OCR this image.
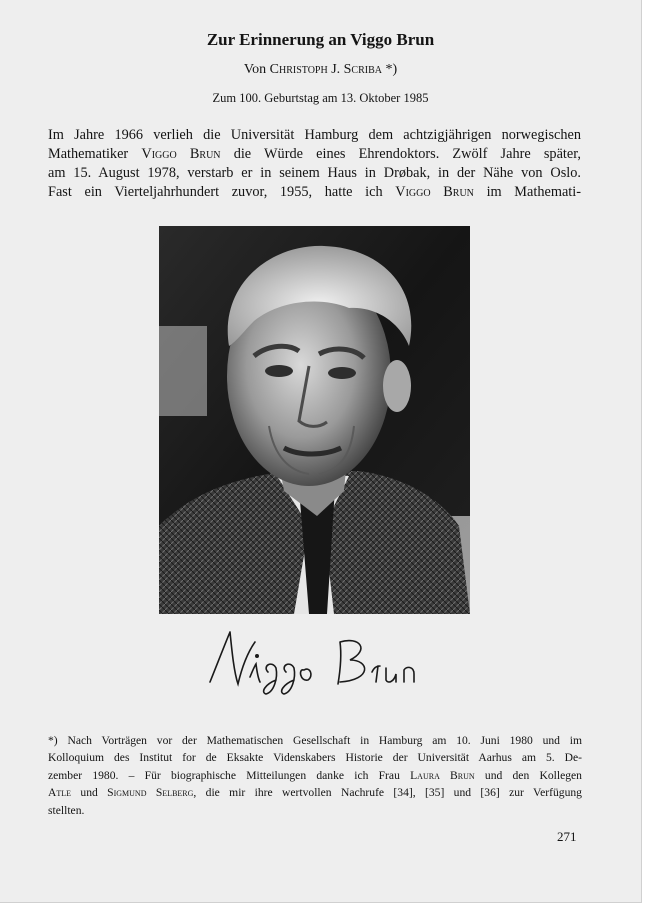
Zur Erinnerung an Viggo Brun
Von Christoph J. Scriba *)
Zum 100. Geburtstag am 13. Oktober 1985
Im Jahre 1966 verlieh die Universität Hamburg dem achtzigjährigen norwegischen
Mathematiker Viggo Brun die Würde eines Ehrendoktors. Zwölf Jahre später,
am 15. August 1978, verstarb er in seinem Haus in Drøbak, in der Nähe von Oslo.
Fast ein Vierteljahrhundert zuvor, 1955, hatte ich Viggo Brun im Mathemati-
*) Nach Vorträgen vor der Mathematischen Gesellschaft in Hamburg am 10. Juni 1980 und im
Kolloquium des Institut for de Eksakte Videnskabers Historie der Universität Aarhus am 5. De-
zember 1980. – Für biographische Mitteilungen danke ich Frau Laura Brun und den Kollegen
Atle und Sigmund Selberg, die mir ihre wertvollen Nachrufe [34], [35] und [36] zur Verfügung
stellten.
271
